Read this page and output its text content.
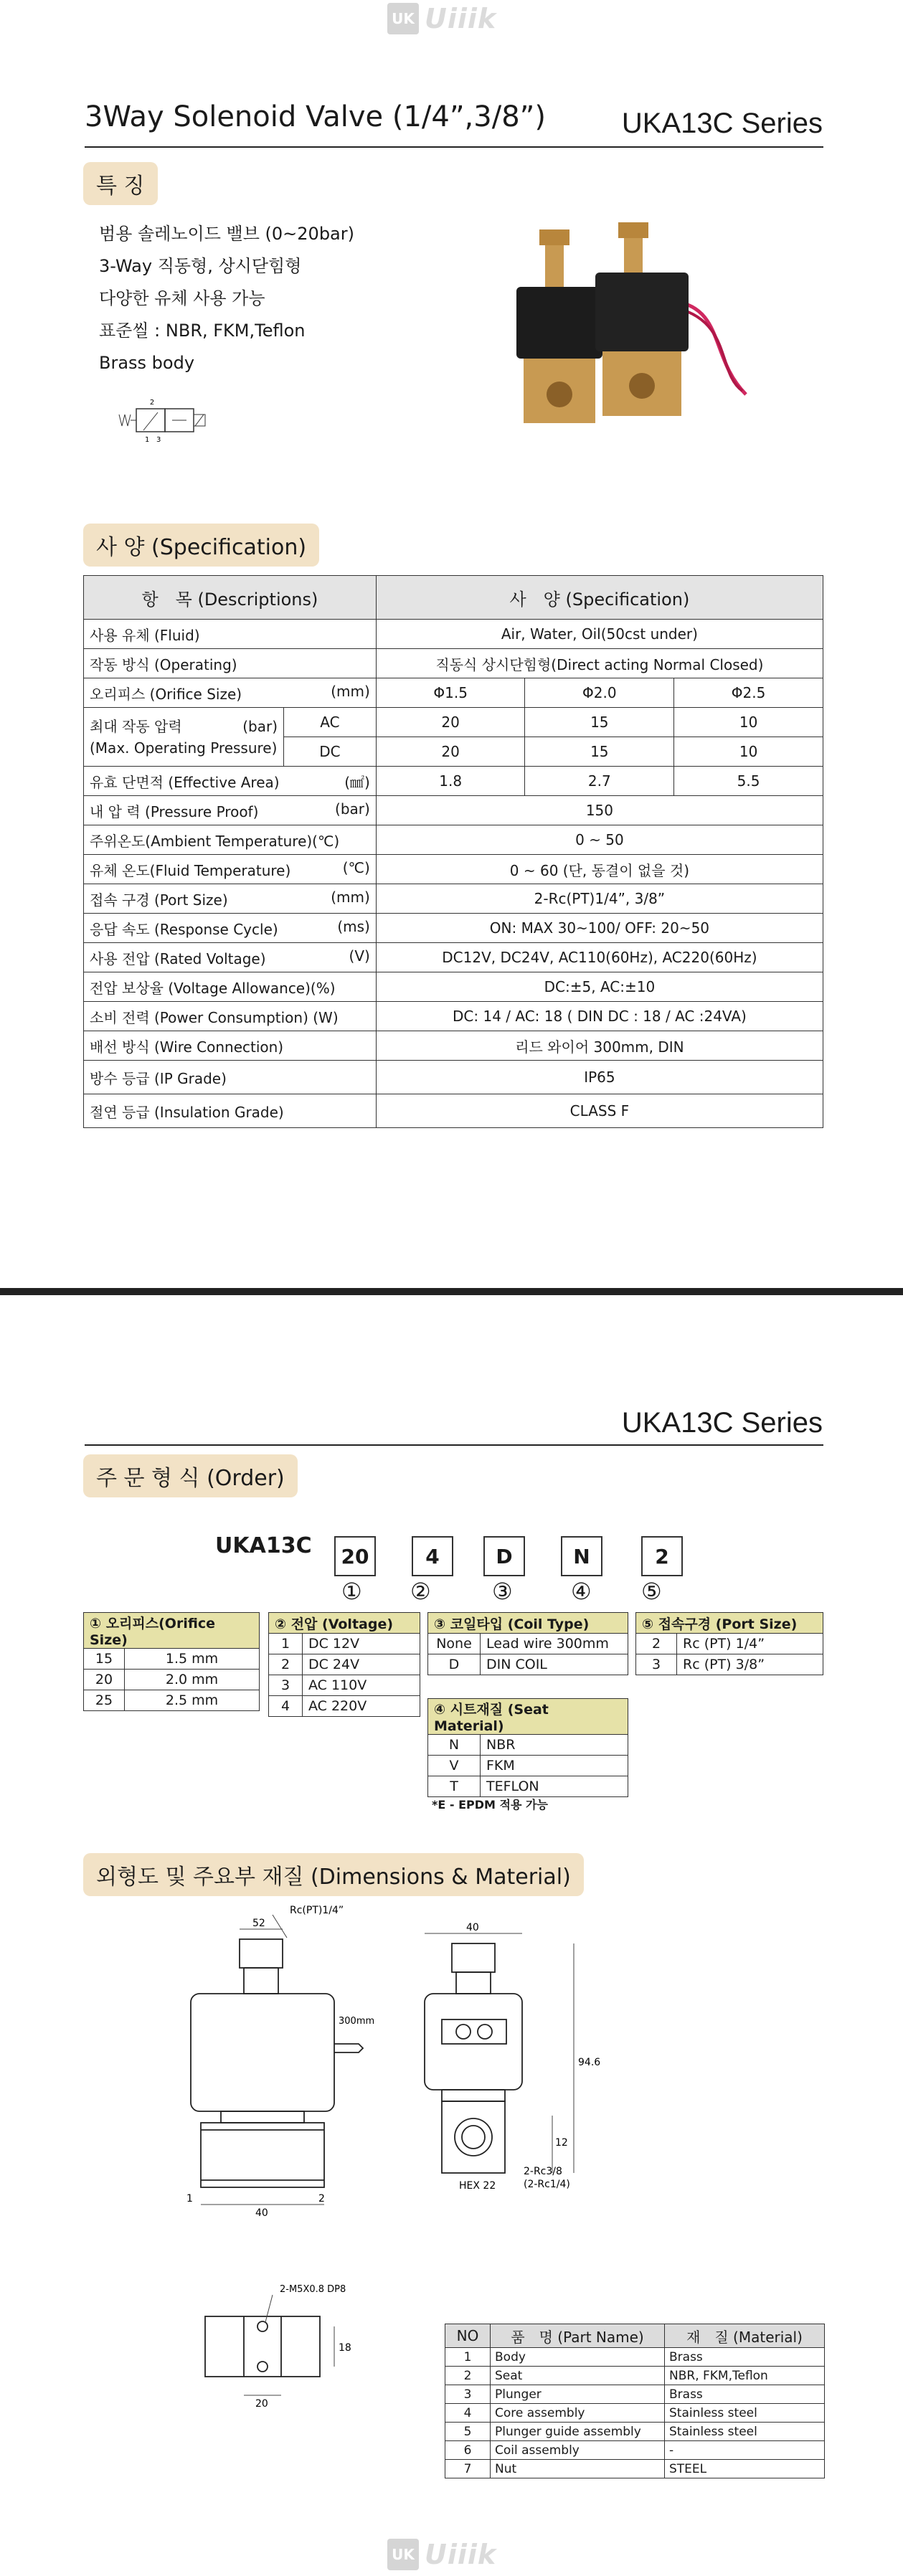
UK Uiiik
3Way Solenoid Valve (1/4”,3/8”)	UKA13C Series
특 징
범용 솔레노이드 밸브 (0~20bar)
3-Way 직동형, 상시닫힘형
다양한 유체 사용 가능
표준씰 : NBR, FKM,Teflon
Brass body
2
1 3
사 양 (Specification)
항　목 (Descriptions)		사　양 (Specification)		
사용 유체 (Fluid)		Air, Water, Oil(50cst under)		
작동 방식 (Operating)		직동식 상시단힘형(Direct acting Normal Closed)		
오리피스 (Orifice Size) (mm)		Φ1.5	Φ2.0	Φ2.5
최대 작동 압력 (bar)

(Max. Operating Pressure)	AC	20	15	10
	DC	20	15	10
유효 단면적 (Effective Area) (㎟)		1.8	2.7	5.5
내 압 력 (Pressure Proof) (bar)		150		
주위온도(Ambient Temperature)(℃)		0 ~ 50		
유체 온도(Fluid Temperature) (℃)		0 ~ 60 (단, 동결이 없을 것)		
접속 구경 (Port Size) (mm)		2-Rc(PT)1/4”, 3/8”		
응답 속도 (Response Cycle) (ms)		ON: MAX 30~100/ OFF: 20~50		
사용 전압 (Rated Voltage) (V)		DC12V, DC24V, AC110(60Hz), AC220(60Hz)		
전압 보상율 (Voltage Allowance)(%)		DC:±5, AC:±10		
소비 전력 (Power Consumption) (W)		DC: 14 / AC: 18 ( DIN DC : 18 / AC :24VA)		
배선 방식 (Wire Connection)		리드 와이어 300mm, DIN		
방수 등급 (IP Grade)		IP65		
절연 등급 (Insulation Grade)		CLASS F		
UKA13C Series
주 문 형 식 (Order)
UKA13C	20	4	D	N	2
① ②	③	④ ⑤
① 오리피스(Orifice Size)	
15	1.5 mm
20	2.0 mm
25	2.5 mm
② 전압 (Voltage)	
1	DC 12V
2	DC 24V
3	AC 110V
4	AC 220V
③ 코일타입 (Coil Type)	
None	Lead wire 300mm
D	DIN COIL
④ 시트재질 (Seat Material)	
N	NBR
V	FKM
T	TEFLON
*E - EPDM 적용 가능
⑤ 접속구경 (Port Size)	
2	Rc (PT) 1/4”
3	Rc (PT) 3/8”
외형도 및 주요부 재질 (Dimensions & Material)
52
Rc(PT)1/4”
300mm
40
1	2
40
94.6
12
HEX 22
2-Rc3/8
(2-Rc1/4)
2-M5X0.8 DP8
18
20
NO	품　명 (Part Name)	재　질 (Material)
1	Body	Brass
2	Seat	NBR, FKM,Teflon
3	Plunger	Brass
4	Core assembly	Stainless steel
5	Plunger guide assembly	Stainless steel
6	Coil assembly	-
7	Nut	STEEL
UK Uiiik
